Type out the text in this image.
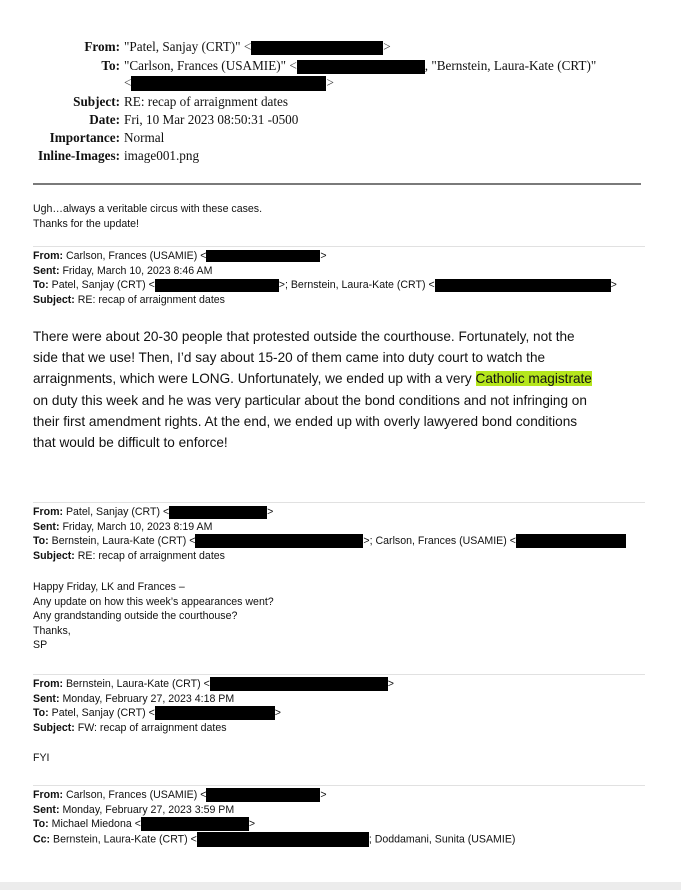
From: "Patel, Sanjay (CRT)" <	>
To: "Carlson, Frances (USAMIE)" <	, "Bernstein, Laura-Kate (CRT)"
<	>
Subject: RE: recap of arraignment dates
Date: Fri, 10 Mar 2023 08:50:31 -0500
Importance: Normal
Inline-Images: image001.png
Ugh…always a veritable circus with these cases.
Thanks for the update!
From: Carlson, Frances (USAMIE) <	>
Sent: Friday, March 10, 2023 8:46 AM
To: Patel, Sanjay (CRT) <	>; Bernstein, Laura-Kate (CRT) <	>
Subject: RE: recap of arraignment dates
There were about 20-30 people that protested outside the courthouse. Fortunately, not the
side that we use! Then, I’d say about 15-20 of them came into duty court to watch the
arraignments, which were LONG. Unfortunately, we ended up with a very Catholic magistrate
on duty this week and he was very particular about the bond conditions and not infringing on
their first amendment rights. At the end, we ended up with overly lawyered bond conditions
that would be difficult to enforce!
From: Patel, Sanjay (CRT) <	>
Sent: Friday, March 10, 2023 8:19 AM
To: Bernstein, Laura-Kate (CRT) <	>; Carlson, Frances (USAMIE) <
Subject: RE: recap of arraignment dates
Happy Friday, LK and Frances –
Any update on how this week’s appearances went?
Any grandstanding outside the courthouse?
Thanks,
SP
From: Bernstein, Laura-Kate (CRT) <	>
Sent: Monday, February 27, 2023 4:18 PM
To: Patel, Sanjay (CRT) <	>
Subject: FW: recap of arraignment dates
FYI
From: Carlson, Frances (USAMIE) <	>
Sent: Monday, February 27, 2023 3:59 PM
To: Michael Miedona <	>
Cc: Bernstein, Laura-Kate (CRT) <	; Doddamani, Sunita (USAMIE)
